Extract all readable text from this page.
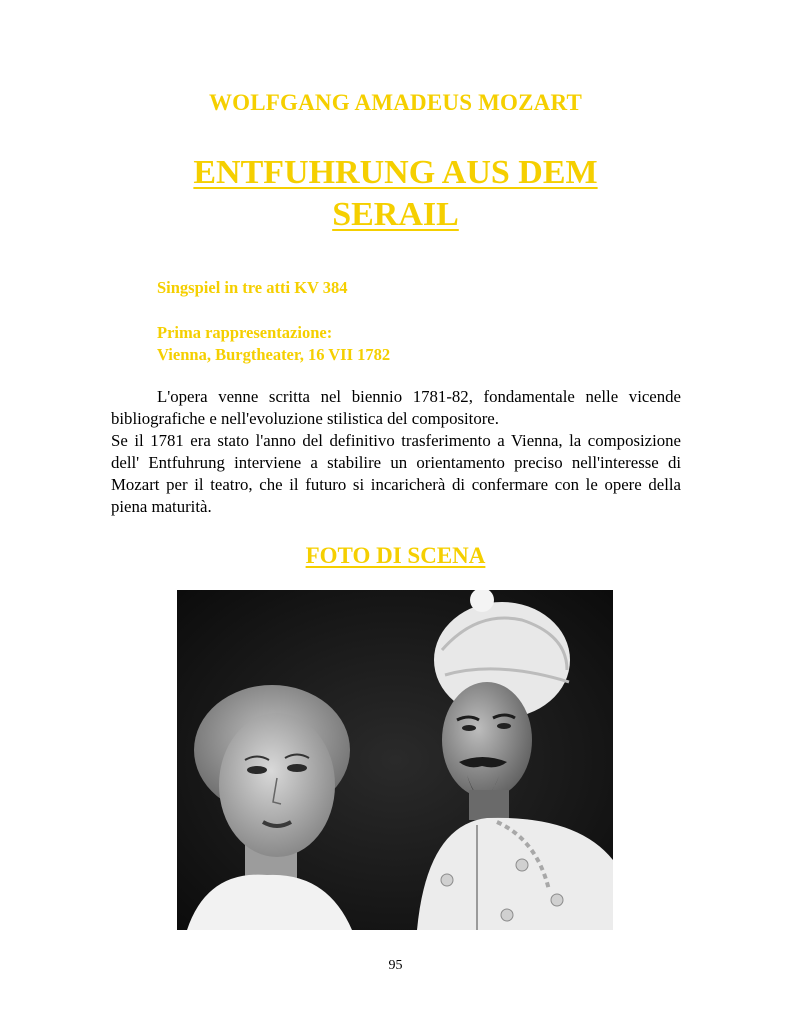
WOLFGANG AMADEUS MOZART
ENTFUHRUNG AUS DEM
SERAIL
Singspiel in tre atti KV 384
Prima rappresentazione:
Vienna, Burgtheater, 16 VII 1782

L'opera venne scritta nel biennio 1781-82, fondamentale nelle vicende bibliografiche e nell'evoluzione stilistica del compositore.

Se il 1781 era stato l'anno del definitivo trasferimento a Vienna, la composizione dell' Entfuhrung interviene a stabilire un orientamento preciso nell'interesse di Mozart per il teatro, che il futuro si incaricherà di confermare con le opere della piena maturità.

FOTO DI SCENA
95
